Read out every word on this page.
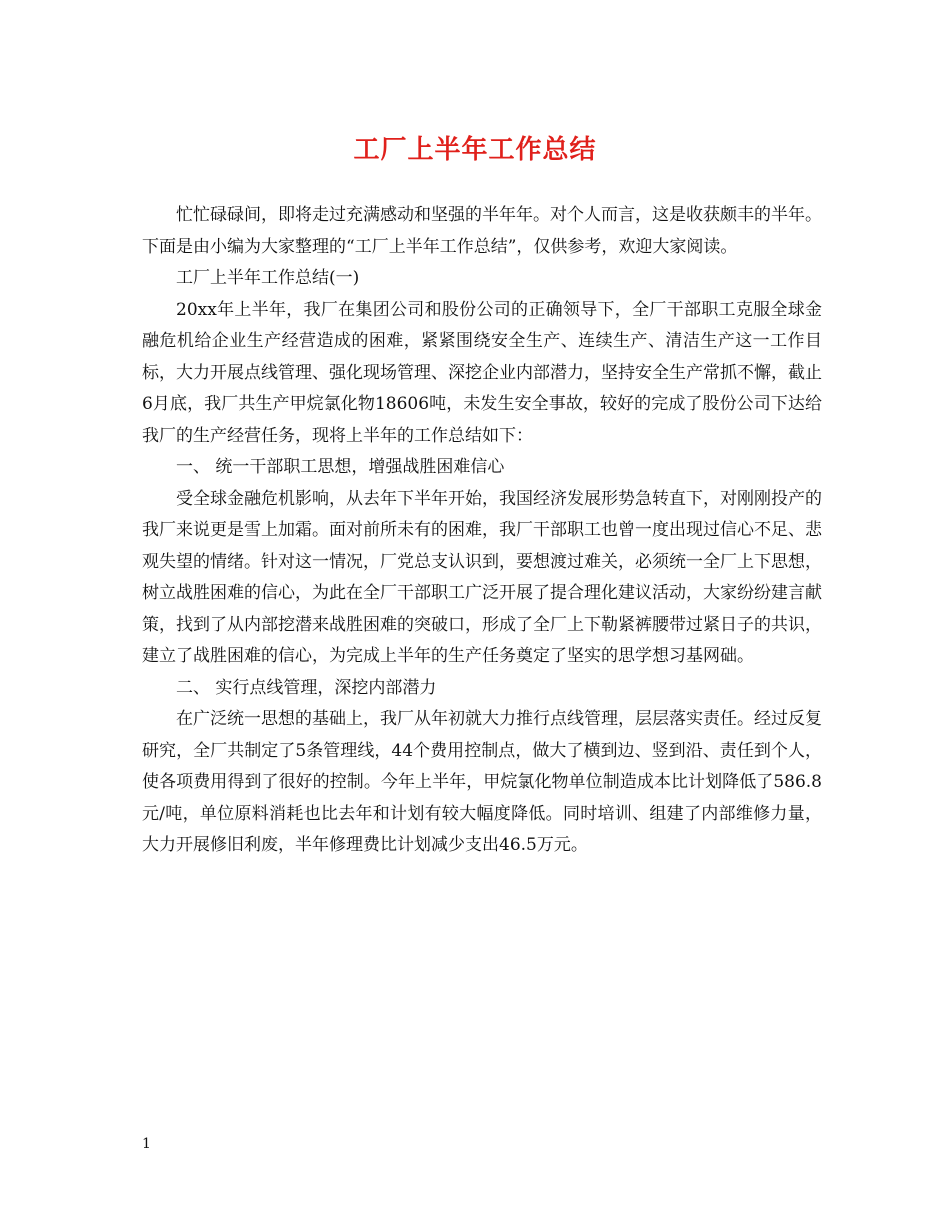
工厂上半年工作总结

忙忙碌碌间，即将走过充满感动和坚强的半年年。对个人而言，这是收获颇丰的半年。下面是由小编为大家整理的“工厂上半年工作总结”，仅供参考，欢迎大家阅读。

工厂上半年工作总结(一)

20xx年上半年，我厂在集团公司和股份公司的正确领导下，全厂干部职工克服全球金融危机给企业生产经营造成的困难，紧紧围绕安全生产、连续生产、清洁生产这一工作目标，大力开展点线管理、强化现场管理、深挖企业内部潜力，坚持安全生产常抓不懈，截止6月底，我厂共生产甲烷氯化物18606吨，未发生安全事故，较好的完成了股份公司下达给我厂的生产经营任务，现将上半年的工作总结如下：

一、 统一干部职工思想，增强战胜困难信心

受全球金融危机影响，从去年下半年开始，我国经济发展形势急转直下，对刚刚投产的我厂来说更是雪上加霜。面对前所未有的困难，我厂干部职工也曾一度出现过信心不足、悲观失望的情绪。针对这一情况，厂党总支认识到，要想渡过难关，必须统一全厂上下思想，树立战胜困难的信心，为此在全厂干部职工广泛开展了提合理化建议活动，大家纷纷建言献策，找到了从内部挖潜来战胜困难的突破口，形成了全厂上下勒紧裤腰带过紧日子的共识，建立了战胜困难的信心，为完成上半年的生产任务奠定了坚实的思学想习基网础。

二、 实行点线管理，深挖内部潜力

在广泛统一思想的基础上，我厂从年初就大力推行点线管理，层层落实责任。经过反复研究，全厂共制定了5条管理线，44个费用控制点，做大了横到边、竖到沿、责任到个人，使各项费用得到了很好的控制。今年上半年，甲烷氯化物单位制造成本比计划降低了586.8元/吨，单位原料消耗也比去年和计划有较大幅度降低。同时培训、组建了内部维修力量，大力开展修旧利废，半年修理费比计划减少支出46.5万元。

1
